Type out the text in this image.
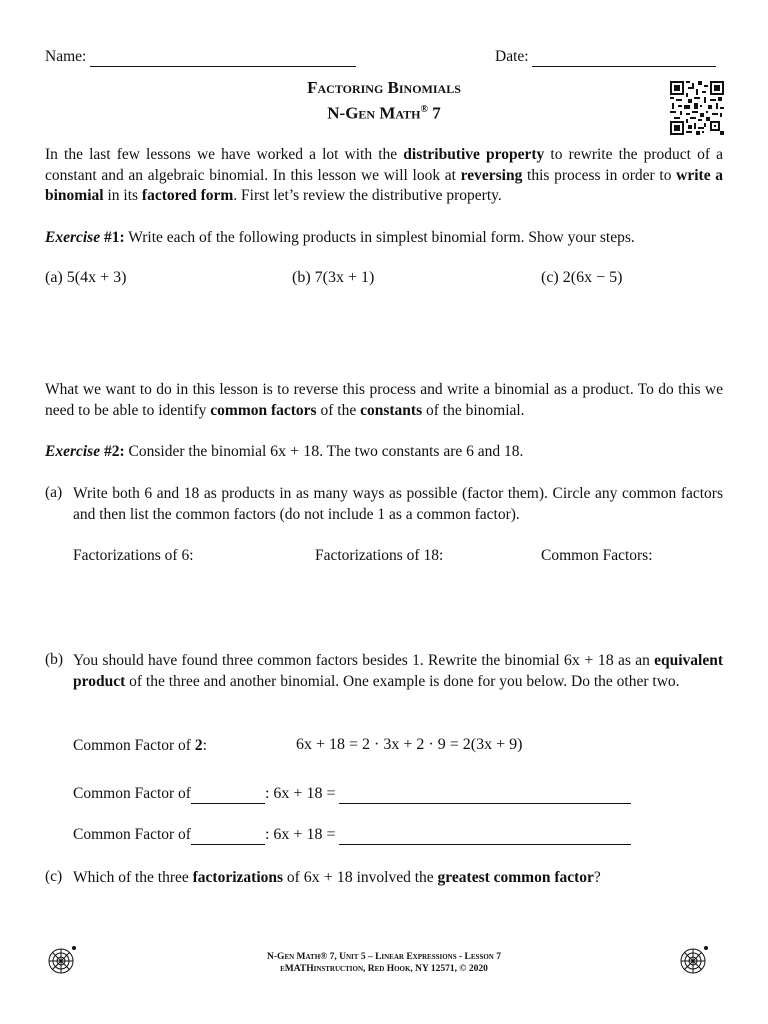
Name:	Date:
Factoring Binomials
N-Gen Math® 7
In the last few lessons we have worked a lot with the distributive property to rewrite the product of a constant and an algebraic binomial. In this lesson we will look at reversing this process in order to write a binomial in its factored form. First let’s review the distributive property.
Exercise #1: Write each of the following products in simplest binomial form. Show your steps.
(a) 5(4x + 3)	(b) 7(3x + 1)	(c) 2(6x − 5)
What we want to do in this lesson is to reverse this process and write a binomial as a product. To do this we need to be able to identify common factors of the constants of the binomial.
Exercise #2: Consider the binomial 6x + 18. The two constants are 6 and 18.
(a) Write both 6 and 18 as products in as many ways as possible (factor them). Circle any common factors and then list the common factors (do not include 1 as a common factor).
Factorizations of 6:	Factorizations of 18:	Common Factors:
(b) You should have found three common factors besides 1. Rewrite the binomial 6x + 18 as an equivalent product of the three and another binomial. One example is done for you below. Do the other two.
Common Factor of 2:	6x + 18 = 2 · 3x + 2 · 9 = 2(3x + 9)
Common Factor of	: 6x + 18 =
Common Factor of	: 6x + 18 =
(c) Which of the three factorizations of 6x + 18 involved the greatest common factor?
N-Gen Math® 7, Unit 5 – Linear Expressions - Lesson 7
eMATHinstruction, Red Hook, NY 12571, © 2020
